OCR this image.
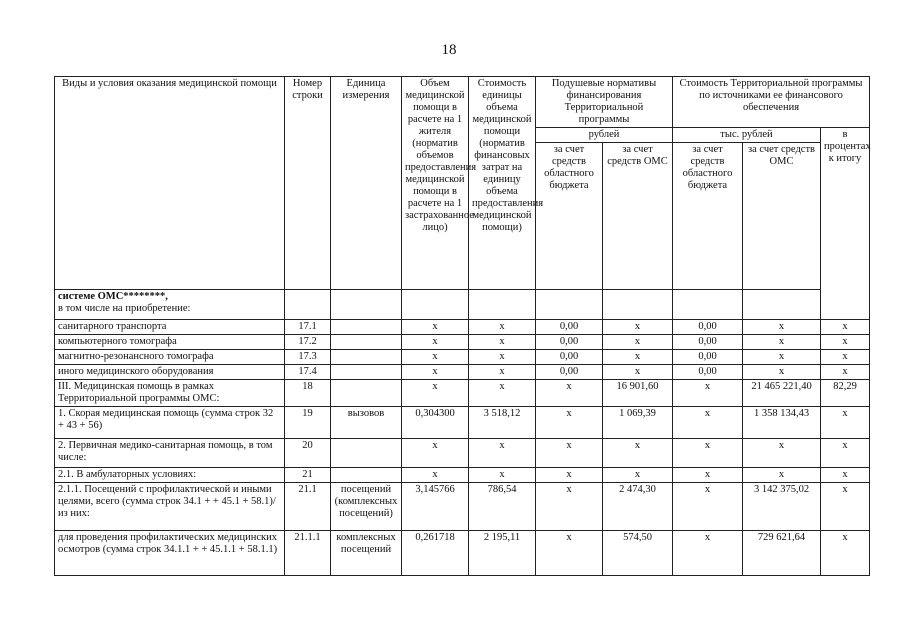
18
Виды и условия оказания медицинской помощи	Номер строки	Единица измерения	Объем медицинской помощи в расчете на 1 жителя (норматив объемов предоставления медицинской помощи в расчете на 1 застрахованное лицо)	Стоимость единицы объема медицинской помощи (норматив финансовых затрат на единицу объема предоставления медицинской помощи)	Подушевые нормативы финансирования Территориальной программы		Стоимость Территориальной программы по источниками ее финансового обеспечения		
					рублей		тыс. рублей		в процентах к итогу
					за счет средств областного бюджета	за счет средств ОМС	за счет средств областного бюджета	за счет средств ОМС	
системе ОМС********,
в том числе на приобретение:									
санитарного транспорта	17.1		x	x	0,00	x	0,00	x	x
компьютерного томографа	17.2		x	x	0,00	x	0,00	x	x
магнитно-резонансного томографа	17.3		x	x	0,00	x	0,00	x	x
иного медицинского оборудования	17.4		x	x	0,00	x	0,00	x	x
III. Медицинская помощь в рамках Территориальной программы ОМС:	18		x	x	x	16 901,60	x	21 465 221,40	82,29
1. Скорая медицинская помощь (сумма строк 32 + 43 + 56)	19	вызовов	0,304300	3 518,12	x	1 069,39	x	1 358 134,43	x
2. Первичная медико-санитарная помощь, в том числе:	20		x	x	x	x	x	x	x
2.1. В амбулаторных условиях:	21		x	x	x	x	x	x	x
2.1.1. Посещений с профилактической и иными целями, всего (сумма строк 34.1 + + 45.1 + 58.1)/из них:	21.1	посещений (комплексных посещений)	3,145766	786,54	x	2 474,30	x	3 142 375,02	x
для проведения профилактических медицинских осмотров (сумма строк 34.1.1 + + 45.1.1 + 58.1.1)	21.1.1	комплексных посещений	0,261718	2 195,11	x	574,50	x	729 621,64	x
